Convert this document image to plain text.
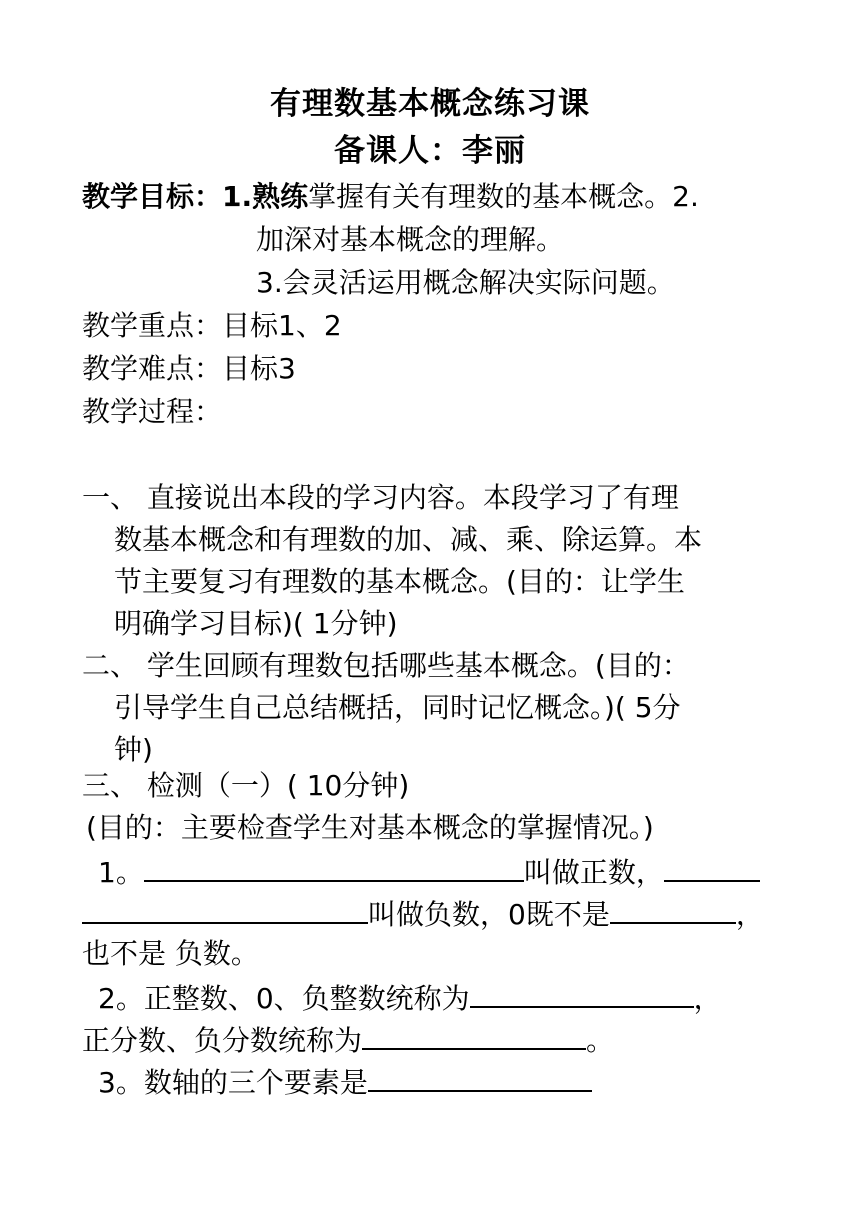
有理数基本概念练习课
备课人：李丽
教学目标：1.熟练掌握有关有理数的基本概念。2.
加深对基本概念的理解。
3.会灵活运用概念解决实际问题。
教学重点：目标1、2
教学难点：目标3
教学过程：
一、 直接说出本段的学习内容。本段学习了有理
数基本概念和有理数的加、减、乘、除运算。本
节主要复习有理数的基本概念。(目的：让学生
明确学习目标)( 1分钟)
二、 学生回顾有理数包括哪些基本概念。(目的：
引导学生自己总结概括，同时记忆概念。)( 5分
钟)
三、 检测（一）( 10分钟)
(目的：主要检查学生对基本概念的掌握情况。)
1。	叫做正数，
叫做负数，0既不是	，
也不是 负数。
2。正整数、0、负整数统称为	，
正分数、负分数统称为	。
3。数轴的三个要素是
